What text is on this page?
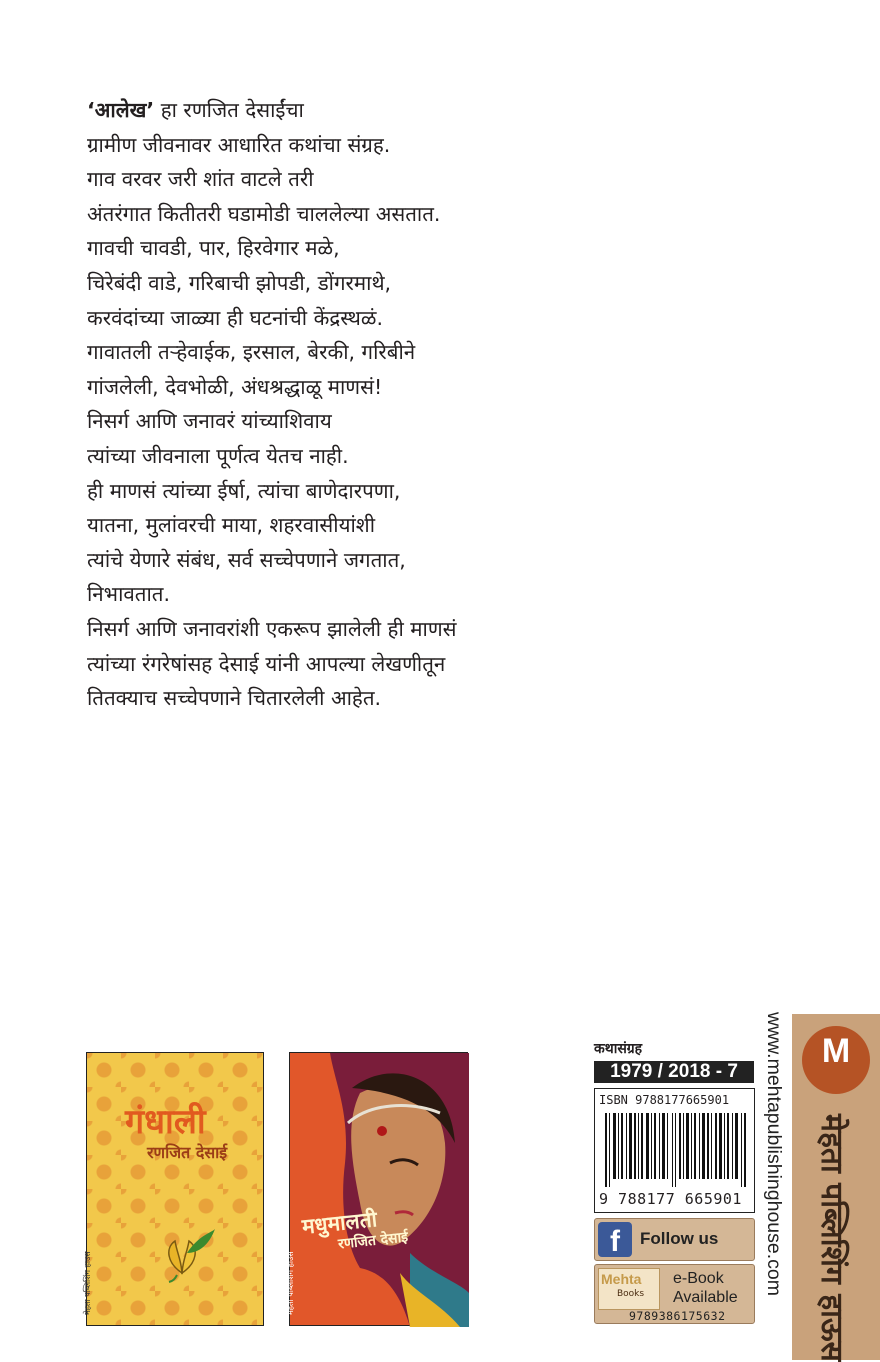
‘आलेख’ हा रणजित देसाईंचा
ग्रामीण जीवनावर आधारित कथांचा संग्रह.
गाव वरवर जरी शांत वाटले तरी
अंतरंगात कितीतरी घडामोडी चाललेल्या असतात.
गावची चावडी, पार, हिरवेगार मळे,
चिरेबंदी वाडे, गरिबाची झोपडी, डोंगरमाथे,
करवंदांच्या जाळ्या ही घटनांची केंद्रस्थळं.
गावातली तऱ्हेवाईक, इरसाल, बेरकी, गरिबीने
गांजलेली, देवभोळी, अंधश्रद्धाळू माणसं!
निसर्ग आणि जनावरं यांच्याशिवाय
त्यांच्या जीवनाला पूर्णत्व येतच नाही.
ही माणसं त्यांच्या ईर्षा, त्यांचा बाणेदारपणा,
यातना, मुलांवरची माया, शहरवासीयांशी
त्यांचे येणारे संबंध, सर्व सच्चेपणाने जगतात,
निभावतात.
निसर्ग आणि जनावरांशी एकरूप झालेली ही माणसं
त्यांच्या रंगरेषांसह देसाई यांनी आपल्या लेखणीतून
तितक्याच सच्चेपणाने चितारलेली आहेत.
गंधाली
रणजित देसाई
मेहता पब्लिशिंग हाउस
मधुमालती
रणजित देसाई
मेहता पब्लिशिंग हाउस
कथासंग्रह
1979 / 2018 - 7
ISBN 9788177665901
9 788177 665901
f	Follow us
Mehta
Books
e-Book
Available
9789386175632
www.mehtapublishinghouse.com	M
मेहता पब्लिशिंग हाऊस
